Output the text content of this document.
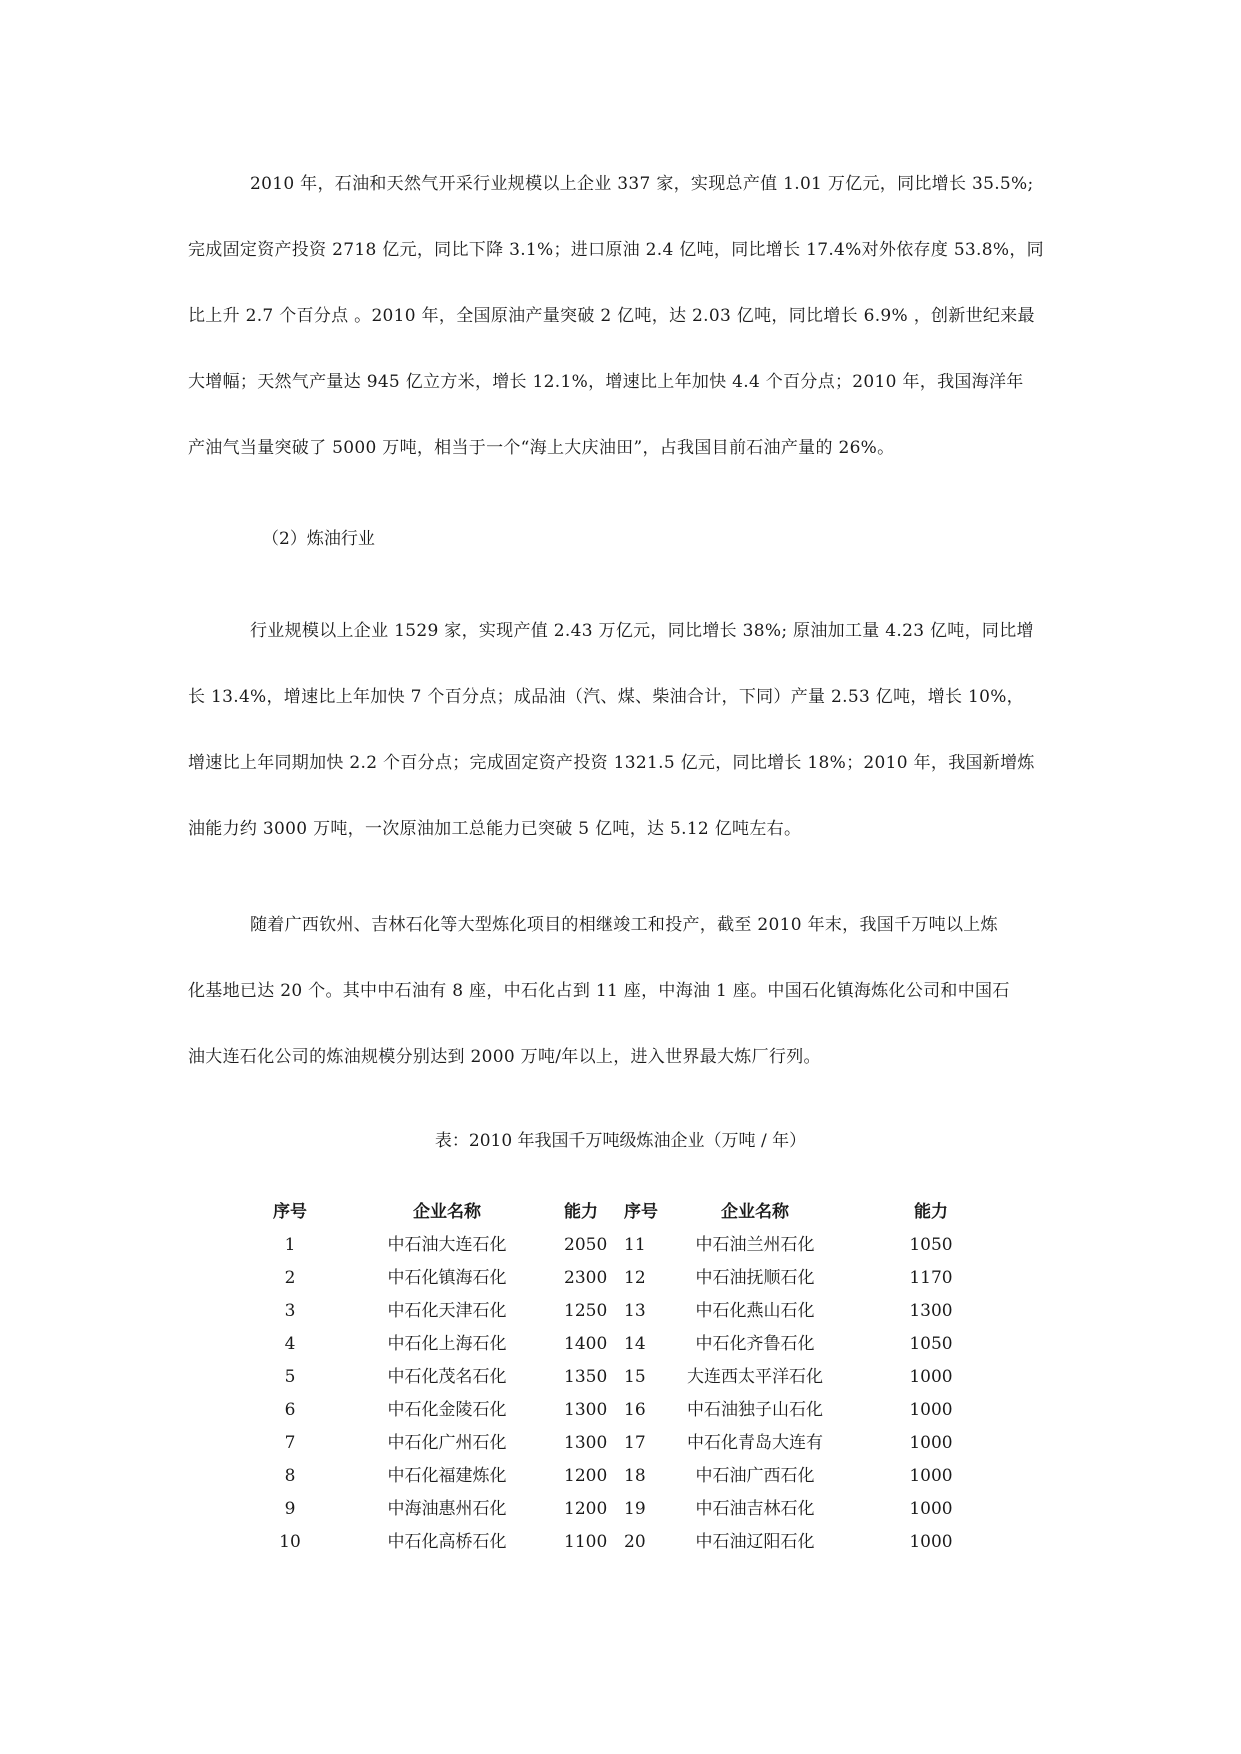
2010 年，石油和天然气开采行业规模以上企业 337 家，实现总产值 1.01 万亿元，同比增长 35.5%;
完成固定资产投资 2718 亿元，同比下降 3.1%；进口原油 2.4 亿吨，同比增长 17.4%对外依存度 53.8%，同
比上升 2.7 个百分点 。2010 年，全国原油产量突破 2 亿吨，达 2.03 亿吨，同比增长 6.9% ，创新世纪来最
大增幅；天然气产量达 945 亿立方米，增长 12.1%，增速比上年加快 4.4 个百分点；2010 年，我国海洋年
产油气当量突破了 5000 万吨，相当于一个“海上大庆油田”，占我国目前石油产量的 26%。

（2）炼油行业

行业规模以上企业 1529 家，实现产值 2.43 万亿元，同比增长 38%; 原油加工量 4.23 亿吨，同比增
长 13.4%，增速比上年加快 7 个百分点；成品油（汽、煤、柴油合计，下同）产量 2.53 亿吨，增长 10%，
增速比上年同期加快 2.2 个百分点；完成固定资产投资 1321.5 亿元，同比增长 18%；2010 年，我国新增炼
油能力约 3000 万吨，一次原油加工总能力已突破 5 亿吨，达 5.12 亿吨左右。
随着广西钦州、吉林石化等大型炼化项目的相继竣工和投产，截至 2010 年末，我国千万吨以上炼
化基地已达 20 个。其中中石油有 8 座，中石化占到 11 座，中海油 1 座。中国石化镇海炼化公司和中国石
油大连石化公司的炼油规模分别达到 2000 万吨/年以上，进入世界最大炼厂行列。

表：2010 年我国千万吨级炼油企业（万吨 / 年）

序号	企业名称	能力	序号	企业名称	能力
1	中石油大连石化	2050	11	中石油兰州石化	1050
2	中石化镇海石化	2300	12	中石油抚顺石化	1170
3	中石化天津石化	1250	13	中石化燕山石化	1300
4	中石化上海石化	1400	14	中石化齐鲁石化	1050
5	中石化茂名石化	1350	15	大连西太平洋石化	1000
6	中石化金陵石化	1300	16	中石油独子山石化	1000
7	中石化广州石化	1300	17	中石化青岛大连有	1000
8	中石化福建炼化	1200	18	中石油广西石化	1000
9	中海油惠州石化	1200	19	中石油吉林石化	1000
10	中石化高桥石化	1100	20	中石油辽阳石化	1000
